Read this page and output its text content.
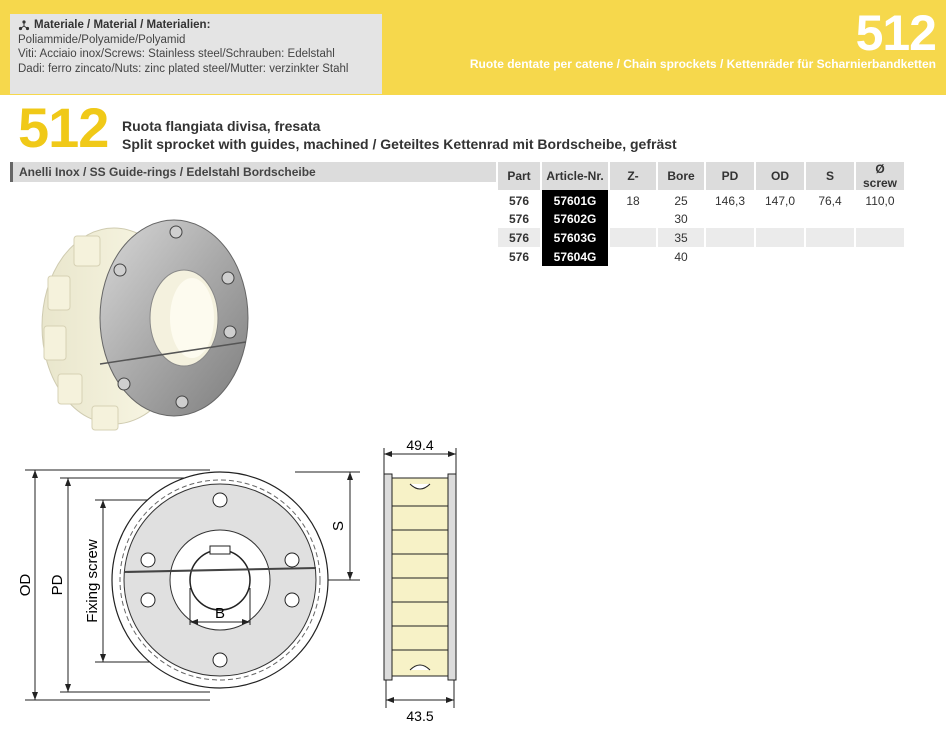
Materiale / Material / Materialien:
Poliammide/Polyamide/Polyamid
Viti: Acciaio inox/Screws: Stainless steel/Schrauben: Edelstahl
Dadi: ferro zincato/Nuts: zinc plated steel/Mutter: verzinkter Stahl
512
Ruote dentate per catene / Chain sprockets / Kettenräder für Scharnierbandketten
512 Ruota flangiata divisa, fresata
Split sprocket with guides, machined / Geteiltes Kettenrad mit Bordscheibe, gefräst
Anelli Inox / SS Guide-rings / Edelstahl Bordscheibe	Part	Article-Nr.	Z-	Bore	PD	OD	S	Ø screw
576	57601G	18	25	146,3	147,0	76,4	110,0
576	57602G		30				
576	57603G		35				
576	57604G		40				
OD PD Fixing screw	B
S
49.4
43.5
